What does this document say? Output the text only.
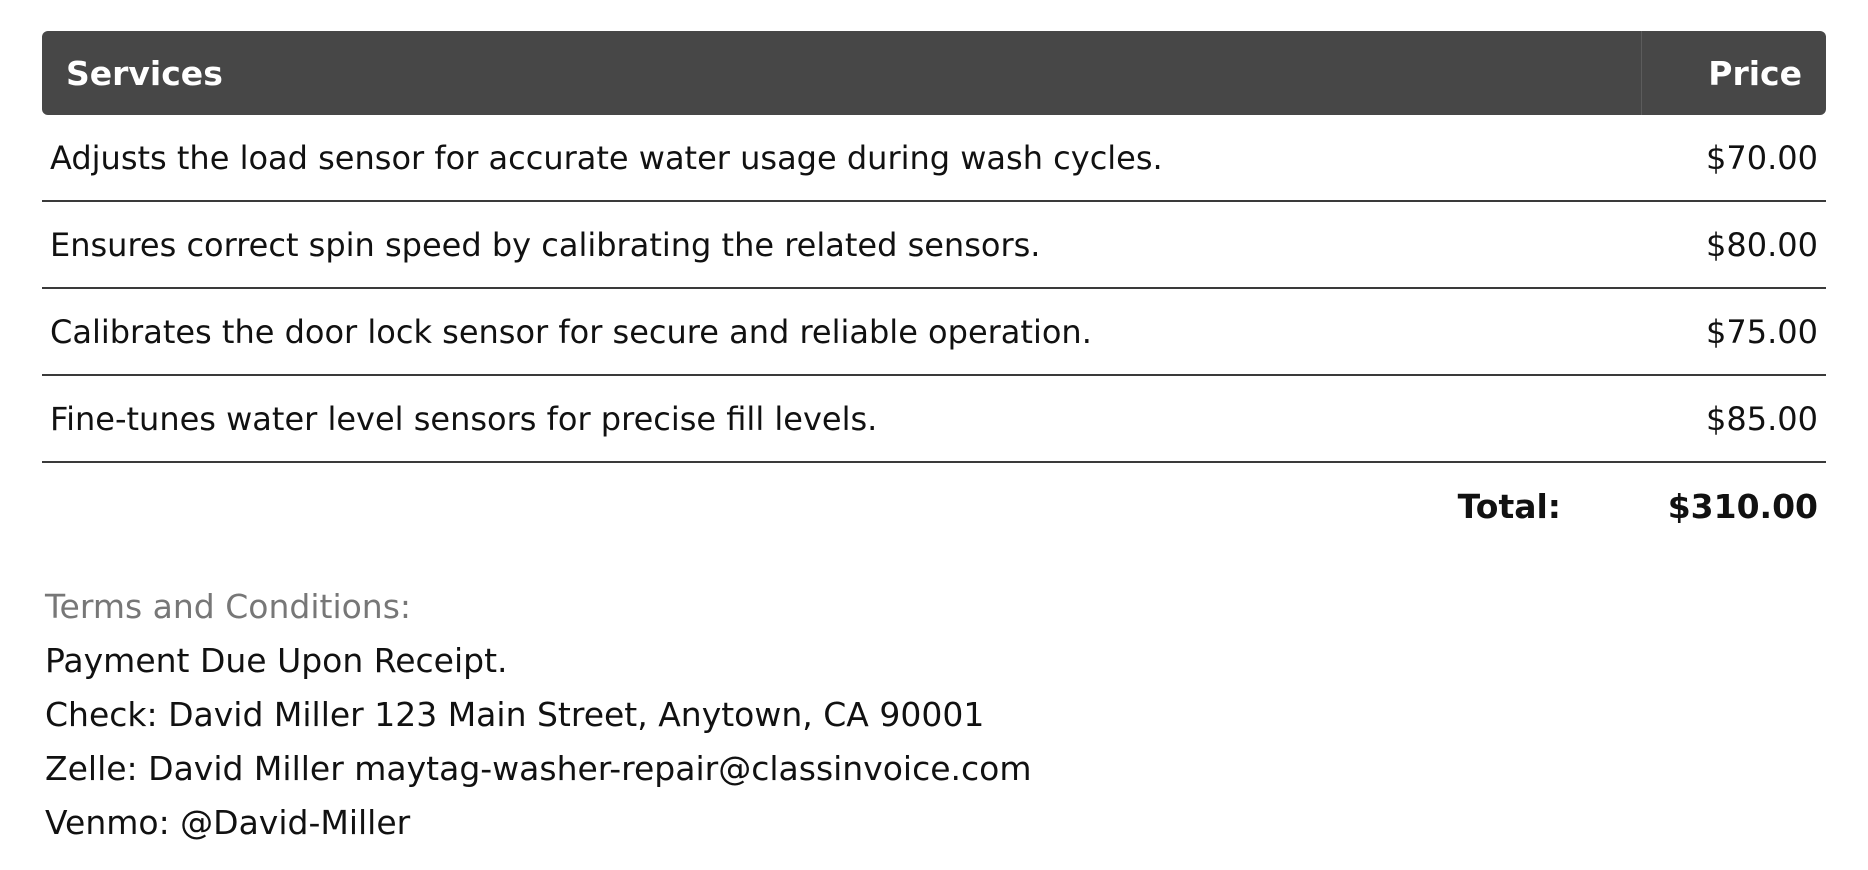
Services	Price
Adjusts the load sensor for accurate water usage during wash cycles.	$70.00
Ensures correct spin speed by calibrating the related sensors.	$80.00
Calibrates the door lock sensor for secure and reliable operation.	$75.00
Fine-tunes water level sensors for precise fill levels.	$85.00
Total:	$310.00
Terms and Conditions:
Payment Due Upon Receipt.
Check: David Miller 123 Main Street, Anytown, CA 90001
Zelle: David Miller maytag-washer-repair@classinvoice.com
Venmo: @David-Miller
